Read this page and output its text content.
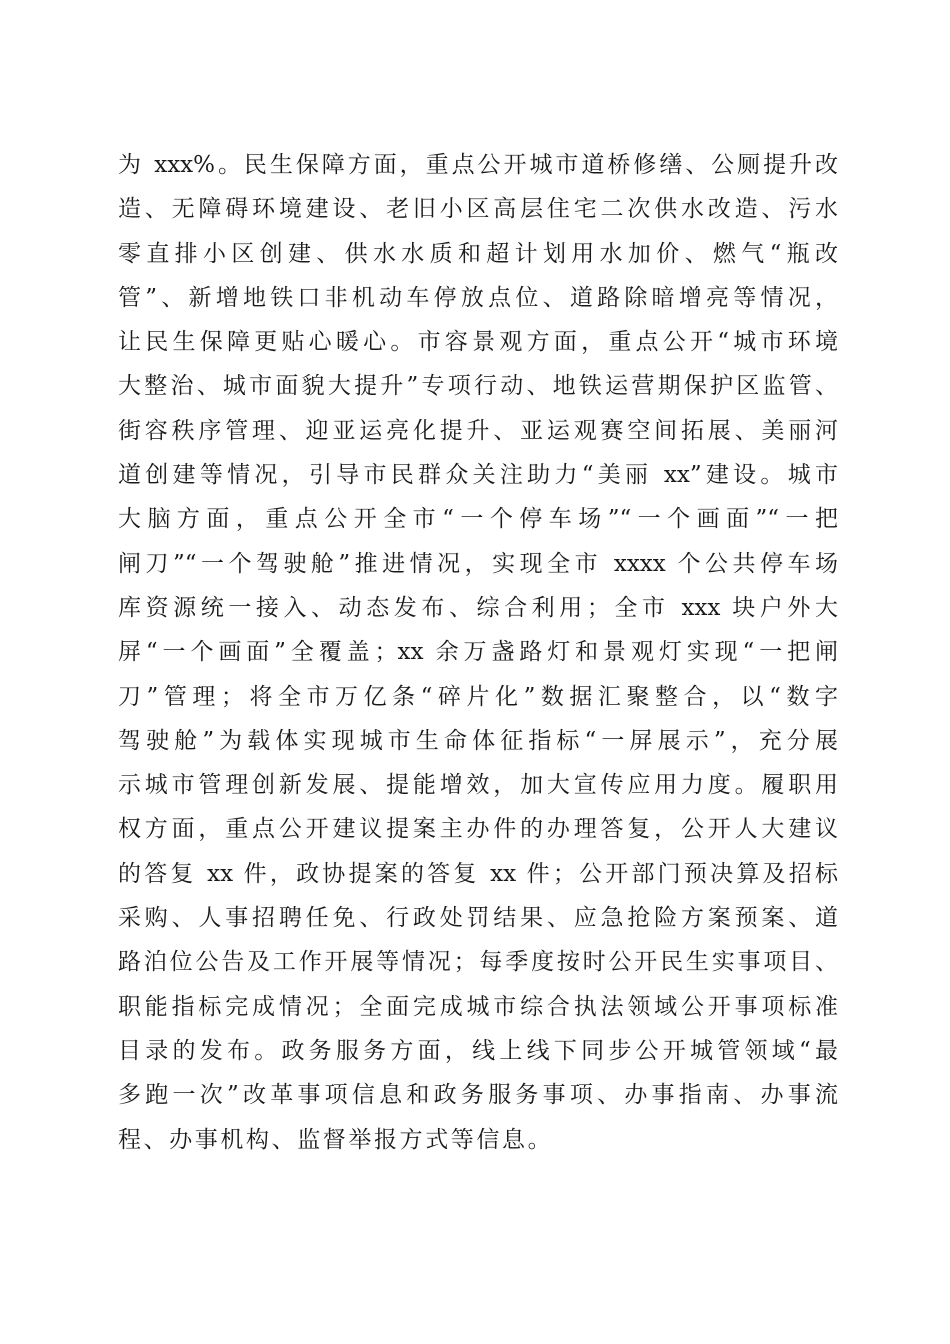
为 xxx%。民生保障方面，重点公开城市道桥修缮、公厕提升改
造、无障碍环境建设、老旧小区高层住宅二次供水改造、污水
零直排小区创建、供水水质和超计划用水加价、燃气“瓶改
管”、新增地铁口非机动车停放点位、道路除暗增亮等情况，
让民生保障更贴心暖心。市容景观方面，重点公开“城市环境
大整治、城市面貌大提升”专项行动、地铁运营期保护区监管、
街容秩序管理、迎亚运亮化提升、亚运观赛空间拓展、美丽河
道创建等情况，引导市民群众关注助力“美丽 xx”建设。城市
大脑方面，重点公开全市“一个停车场”“一个画面”“一把
闸刀”“一个驾驶舱”推进情况，实现全市 xxxx 个公共停车场
库资源统一接入、动态发布、综合利用；全市 xxx 块户外大
屏“一个画面”全覆盖；xx 余万盏路灯和景观灯实现“一把闸
刀”管理；将全市万亿条“碎片化”数据汇聚整合，以“数字
驾驶舱”为载体实现城市生命体征指标“一屏展示”，充分展
示城市管理创新发展、提能增效，加大宣传应用力度。履职用
权方面，重点公开建议提案主办件的办理答复，公开人大建议
的答复 xx 件，政协提案的答复 xx 件；公开部门预决算及招标
采购、人事招聘任免、行政处罚结果、应急抢险方案预案、道
路泊位公告及工作开展等情况；每季度按时公开民生实事项目、
职能指标完成情况；全面完成城市综合执法领域公开事项标准
目录的发布。政务服务方面，线上线下同步公开城管领域“最
多跑一次”改革事项信息和政务服务事项、办事指南、办事流
程、办事机构、监督举报方式等信息。
